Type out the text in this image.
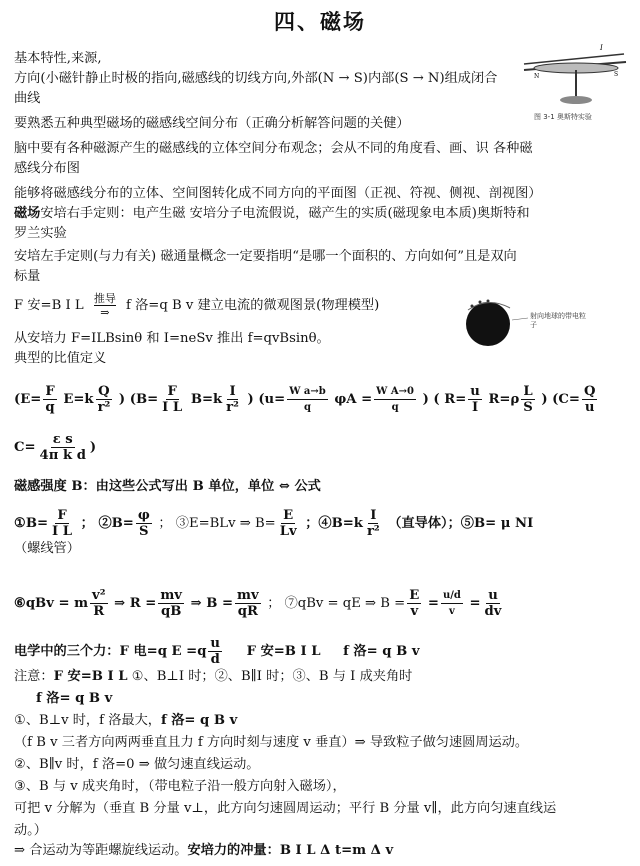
四、磁场
I
N	S
图 3-1 奥斯特实验
射向地球的带电粒子
基本特性,来源,
方向(小磁针静止时极的指向,磁感线的切线方向,外部(N → S)内部(S → N)组成闭合
曲线
要熟悉五种典型磁场的磁感线空间分布（正确分析解答问题的关健）
脑中要有各种磁源产生的磁感线的立体空间分布观念；会从不同的角度看、画、识 各种磁
感线分布图
能够将磁感线分布的立体、空间图转化成不同方向的平面图（正视、符视、侧视、剖视图）
磁场安培右手定则：电产生磁 安培分子电流假说，磁产生的实质(磁现象电本质)奥斯特和
罗兰实验
安培左手定则(与力有关) 磁通量概念一定要指明“是哪一个面积的、方向如何”且是双向
标量
F 安=B I L 推导
⇒ f 洛=q B v 建立电流的微观图景(物理模型)
从安培力 F=ILBsinθ 和 I=neSv 推出 f=qvBsinθ。
典型的比值定义
($E= \frac{F}{q} E=k \frac{Q}{\text{r²}}$ ) ($B= \frac{F}{\text{I L}} B=k \frac{I}{\text{r²}}$ ) ($u= \frac{\text{W a→b}}{q}$ $\varphi A = \frac{\text{W A→0}}{q}$ ) ( $R= \frac{u}{I} R=\rho \frac{L}{S}$ ) ($C= \frac{Q}{u}$
$C= \frac{\text{ε s}}{\text{4π k d}}$ )
磁感强度 B：由这些公式写出 B 单位，单位 ⇔ 公式
①B= $\frac{F}{\text{I L}}$ ； ②B= $\frac{\varphi}{S}$ ； ③E=BLv ⇒ $B= \frac{E}{Lv}$ ；④B=k $\frac{I}{\text{r²}}$ （直导体）；⑤B= μ NI
（螺线管）
⑥qBv = m $\frac{\text{v²}}{R}$ ⇒ $R = \frac{mv}{qB}$ ⇒ $B = \frac{mv}{qR}$ ； ⑦qBv = qE ⇒ $B = \frac{E}{v} = \frac{u/d}{v} = \frac{u}{dv}$
电学中的三个力：F 电=q $E =q \frac{u}{d}$ F 安=B I L f 洛= q B v
注意：F 安=B I L ①、B⊥I 时；②、B∥I 时；③、B 与 I 成夹角时
f 洛= q B v
①、B⊥v 时，f 洛最大，f 洛= q B v
（f B v 三者方向两两垂直且力 f 方向时刻与速度 v 垂直）⇒ 导致粒子做匀速圆周运动。
②、B∥v 时，f 洛=0 ⇒ 做匀速直线运动。
③、B 与 v 成夹角时，（带电粒子沿一般方向射入磁场），
可把 v 分解为（垂直 B 分量 v⊥，此方向匀速圆周运动；平行 B 分量 v∥，此方向匀速直线运
动。）
⇒ 合运动为等距螺旋线运动。安培力的冲量：B I L Δ t=m Δ v
